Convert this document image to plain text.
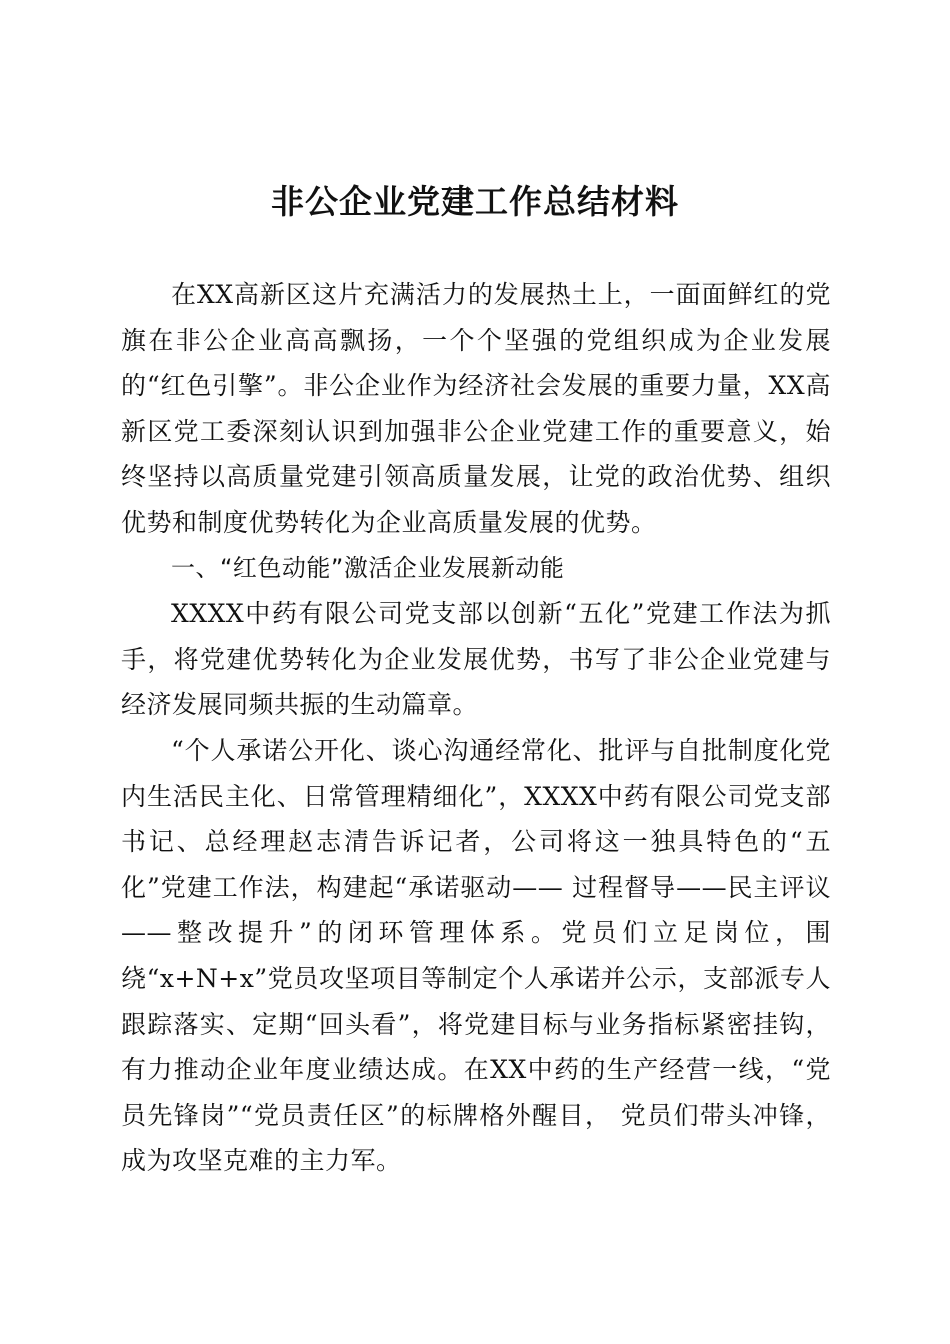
非公企业党建工作总结材料

在XX高新区这片充满活力的发展热土上，一面面鲜红的党旗在非公企业高高飘扬，一个个坚强的党组织成为企业发展的“红色引擎”。非公企业作为经济社会发展的重要力量，XX高新区党工委深刻认识到加强非公企业党建工作的重要意义，始终坚持以高质量党建引领高质量发展，让党的政治优势、组织优势和制度优势转化为企业高质量发展的优势。

一、“红色动能”激活企业发展新动能

XXXX中药有限公司党支部以创新“五化”党建工作法为抓手，将党建优势转化为企业发展优势，书写了非公企业党建与经济发展同频共振的生动篇章。

“个人承诺公开化、谈心沟通经常化、批评与自批制度化党内生活民主化、日常管理精细化”，XXXX中药有限公司党支部书记、总经理赵志清告诉记者，公司将这一独具特色的“五化”党建工作法，构建起“承诺驱动—— 过程督导——民主评议——整改提升”的闭环管理体系。党员们立足岗位，围绕“x+N+x”党员攻坚项目等制定个人承诺并公示，支部派专人跟踪落实、定期“回头看”，将党建目标与业务指标紧密挂钩，有力推动企业年度业绩达成。在XX中药的生产经营一线，“党员先锋岗”“党员责任区”的标牌格外醒目， 党员们带头冲锋，成为攻坚克难的主力军。
